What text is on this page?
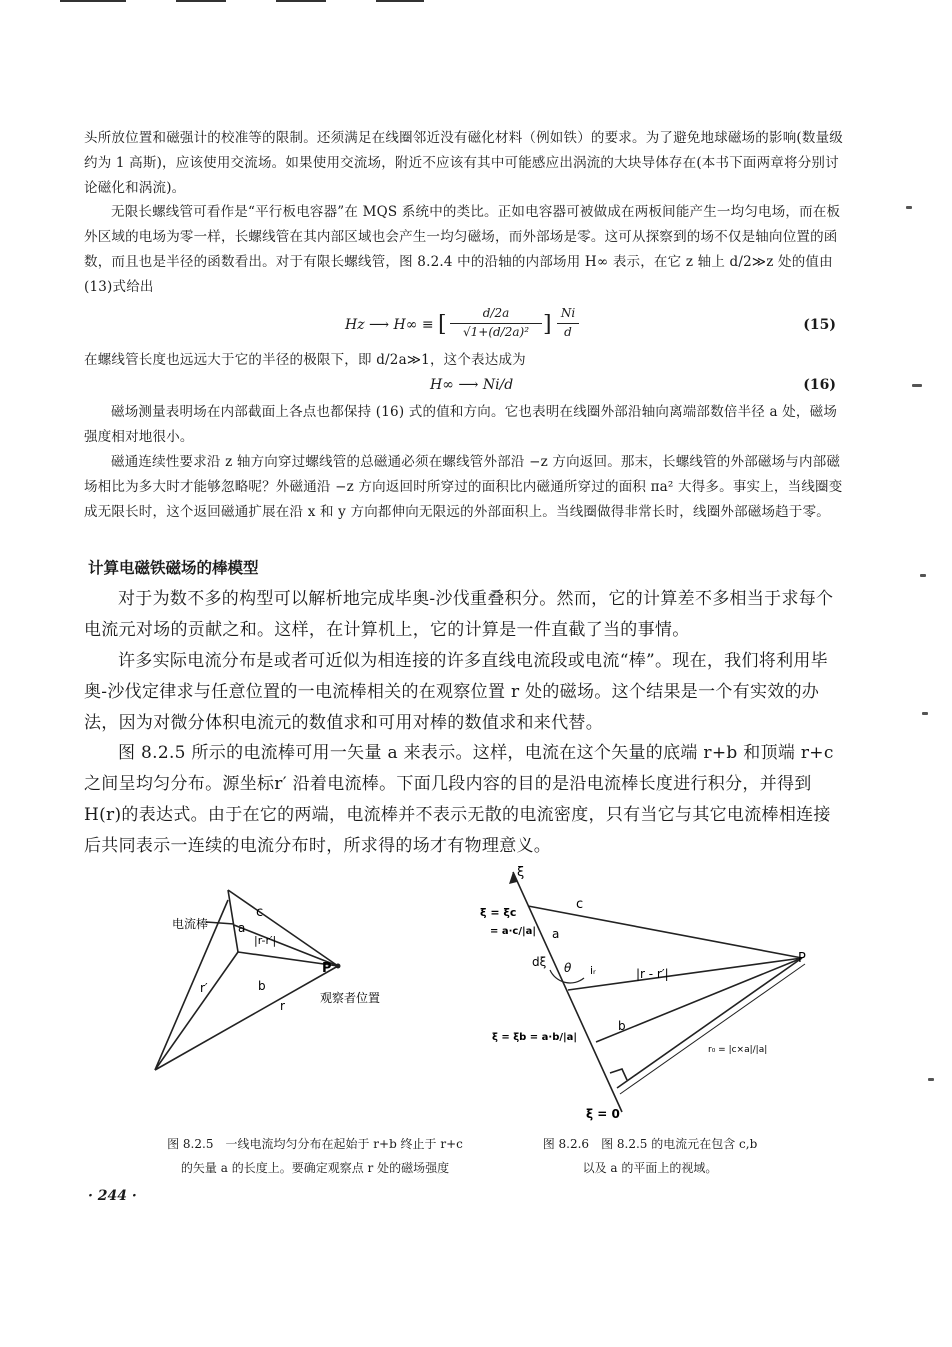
头所放位置和磁强计的校准等的限制。还须满足在线圈邻近没有磁化材料（例如铁）的要求。为了避免地球磁场的影响(数量级约为 1 高斯)，应该使用交流场。如果使用交流场，附近不应该有其中可能感应出涡流的大块导体存在(本书下面两章将分别讨论磁化和涡流)。

无限长螺线管可看作是“平行板电容器”在 MQS 系统中的类比。正如电容器可被做成在两板间能产生一均匀电场，而在板外区域的电场为零一样，长螺线管在其内部区域也会产生一均匀磁场，而外部场是零。这可从探察到的场不仅是轴向位置的函数，而且也是半径的函数看出。对于有限长螺线管，图 8.2.4 中的沿轴的内部场用 H∞ 表示，在它 z 轴上 d/2≫z 处的值由(13)式给出

Hz ⟶ H∞ ≡ [	d/2a
√1+(d/2a)² ] Ni
d	(15)

在螺线管长度也远远大于它的半径的极限下，即 d/2a≫1，这个表达成为

H∞ ⟶ Ni/d	(16)

磁场测量表明场在内部截面上各点也都保持 (16) 式的值和方向。它也表明在线圈外部沿轴向离端部数倍半径 a 处，磁场强度相对地很小。

磁通连续性要求沿 z 轴方向穿过螺线管的总磁通必须在螺线管外部沿 −z 方向返回。那末，长螺线管的外部磁场与内部磁场相比为多大时才能够忽略呢？外磁通沿 −z 方向返回时所穿过的面积比内磁通所穿过的面积 πa² 大得多。事实上，当线圈变成无限长时，这个返回磁通扩展在沿 x 和 y 方向都伸向无限远的外部面积上。当线圈做得非常长时，线圈外部磁场趋于零。

计算电磁铁磁场的棒模型

对于为数不多的构型可以解析地完成毕奥-沙伐重叠积分。然而，它的计算差不多相当于求每个电流元对场的贡献之和。这样，在计算机上，它的计算是一件直截了当的事情。

许多实际电流分布是或者可近似为相连接的许多直线电流段或电流“棒”。现在，我们将利用毕奥-沙伐定律求与任意位置的一电流棒相关的在观察位置 r 处的磁场。这个结果是一个有实效的办法，因为对微分体积电流元的数值求和可用对棒的数值求和来代替。

图 8.2.5 所示的电流棒可用一矢量 a 来表示。这样，电流在这个矢量的底端 r+b 和顶端 r+c 之间呈均匀分布。源坐标r′ 沿着电流棒。下面几段内容的目的是沿电流棒长度进行积分，并得到 H(r)的表达式。由于在它的两端，电流棒并不表示无散的电流密度，只有当它与其它电流棒相连接后共同表示一连续的电流分布时，所求得的场才有物理意义。

电流棒
c
a
|r-r′|
r′	b
r
P
观察者位置
ξ
ξ = ξc
= a·c/|a|
c
a
dξ θ iᵣ	|r - r′|
P
b
ξ = ξb = a·b/|a|
r₀ = |c×a|/|a|
ξ = 0
图 8.2.5　一线电流均匀分布在起始于 r+b 终止于 r+c
的矢量 a 的长度上。要确定观察点 r 处的磁场强度
图 8.2.6　图 8.2.5 的电流元在包含 c,b
以及 a 的平面上的视域。
· 244 ·
